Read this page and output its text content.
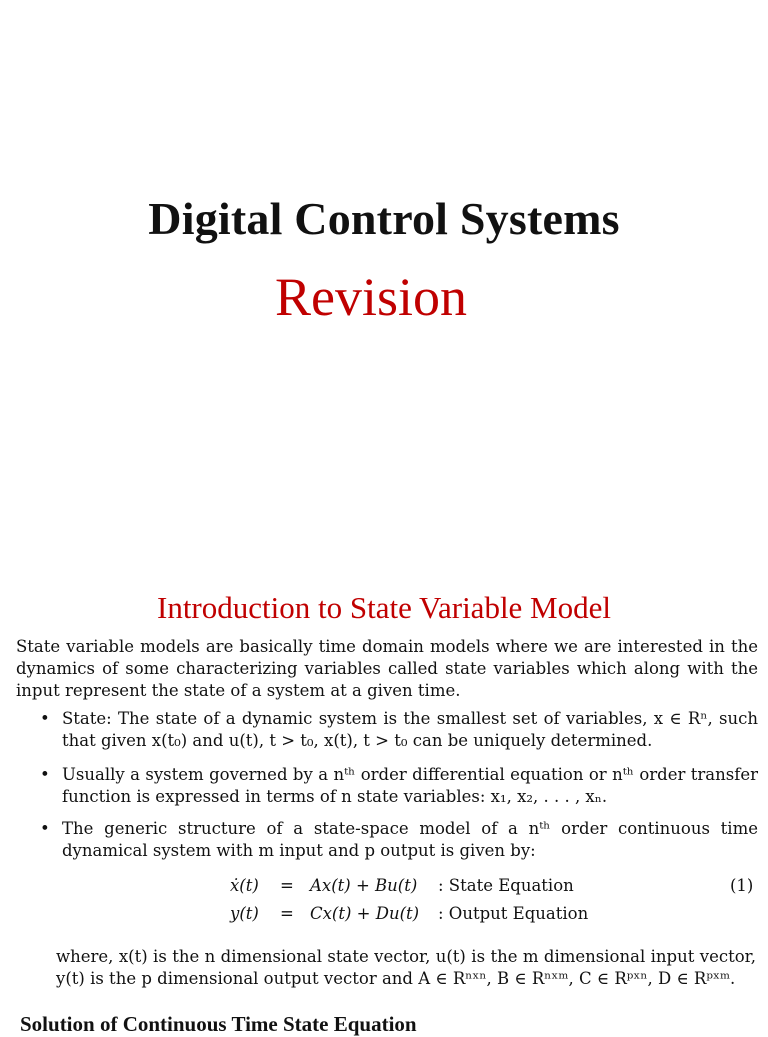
Digital Control Systems
Revision
Introduction to State Variable Model
State variable models are basically time domain models where we are interested in the dynamics of some characterizing variables called state variables which along with the input represent the state of a system at a given time.
• State: The state of a dynamic system is the smallest set of variables, x ∈ Rⁿ, such that given x(t₀) and u(t), t > t₀, x(t), t > t₀ can be uniquely determined.
• Usually a system governed by a nᵗʰ order differential equation or nᵗʰ order transfer function is expressed in terms of n state variables: x₁, x₂, . . . , xₙ.
• The generic structure of a state-space model of a nᵗʰ order continuous time dynamical system with m input and p output is given by:
ẋ(t) = Ax(t) + Bu(t) : State Equation	(1)
y(t) = Cx(t) + Du(t) : Output Equation
where, x(t) is the n dimensional state vector, u(t) is the m dimensional input vector, y(t) is the p dimensional output vector and A ∈ Rⁿˣⁿ, B ∈ Rⁿˣᵐ, C ∈ Rᵖˣⁿ, D ∈ Rᵖˣᵐ.
Solution of Continuous Time State Equation
